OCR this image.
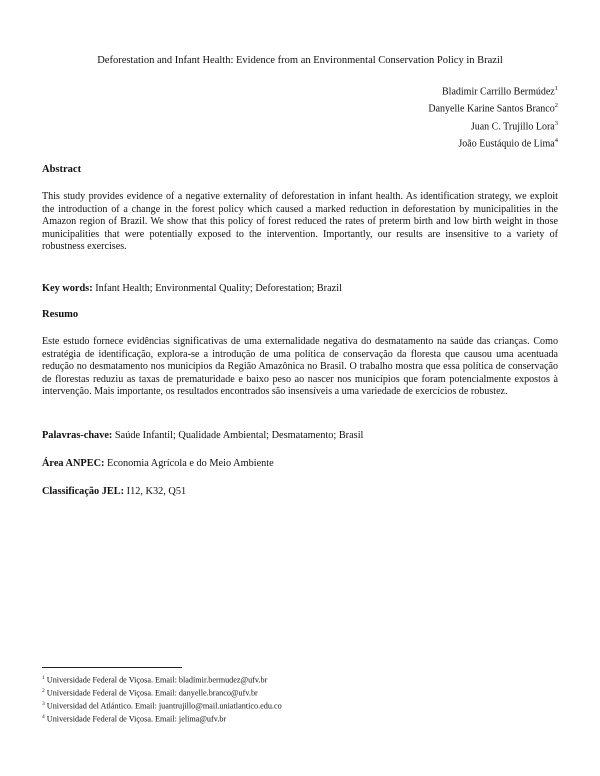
Deforestation and Infant Health: Evidence from an Environmental Conservation Policy in Brazil
Bladimir Carrillo Bermúdez$^1$
Danyelle Karine Santos Branco$^2$
Juan C. Trujillo Lora$^3$
João Eustáquio de Lima$^4$
Abstract
This study provides evidence of a negative externality of deforestation in infant health. As identification strategy, we exploit the introduction of a change in the forest policy which caused a marked reduction in deforestation by municipalities in the Amazon region of Brazil. We show that this policy of forest reduced the rates of preterm birth and low birth weight in those municipalities that were potentially exposed to the intervention. Importantly, our results are insensitive to a variety of robustness exercises.
Key words: Infant Health; Environmental Quality; Deforestation; Brazil
Resumo
Este estudo fornece evidências significativas de uma externalidade negativa do desmatamento na saúde das crianças. Como estratégia de identificação, explora-se a introdução de uma política de conservação da floresta que causou uma acentuada redução no desmatamento nos municípios da Região Amazônica no Brasil. O trabalho mostra que essa política de conservação de florestas reduziu as taxas de prematuridade e baixo peso ao nascer nos municípios que foram potencialmente expostos à intervenção. Mais importante, os resultados encontrados são insensíveis a uma variedade de exercícios de robustez.
Palavras-chave: Saúde Infantil; Qualidade Ambiental; Desmatamento; Brasil
Área ANPEC: Economia Agrícola e do Meio Ambiente
Classificação JEL: I12, K32, Q51
$^1$ Universidade Federal de Viçosa. Email: bladimir.bermudez@ufv.br
$^2$ Universidade Federal de Viçosa. Email: danyelle.branco@ufv.br
$^3$ Universidad del Atlántico. Email: juantrujillo@mail.uniatlantico.edu.co
$^4$ Universidade Federal de Viçosa. Email: jelima@ufv.br
